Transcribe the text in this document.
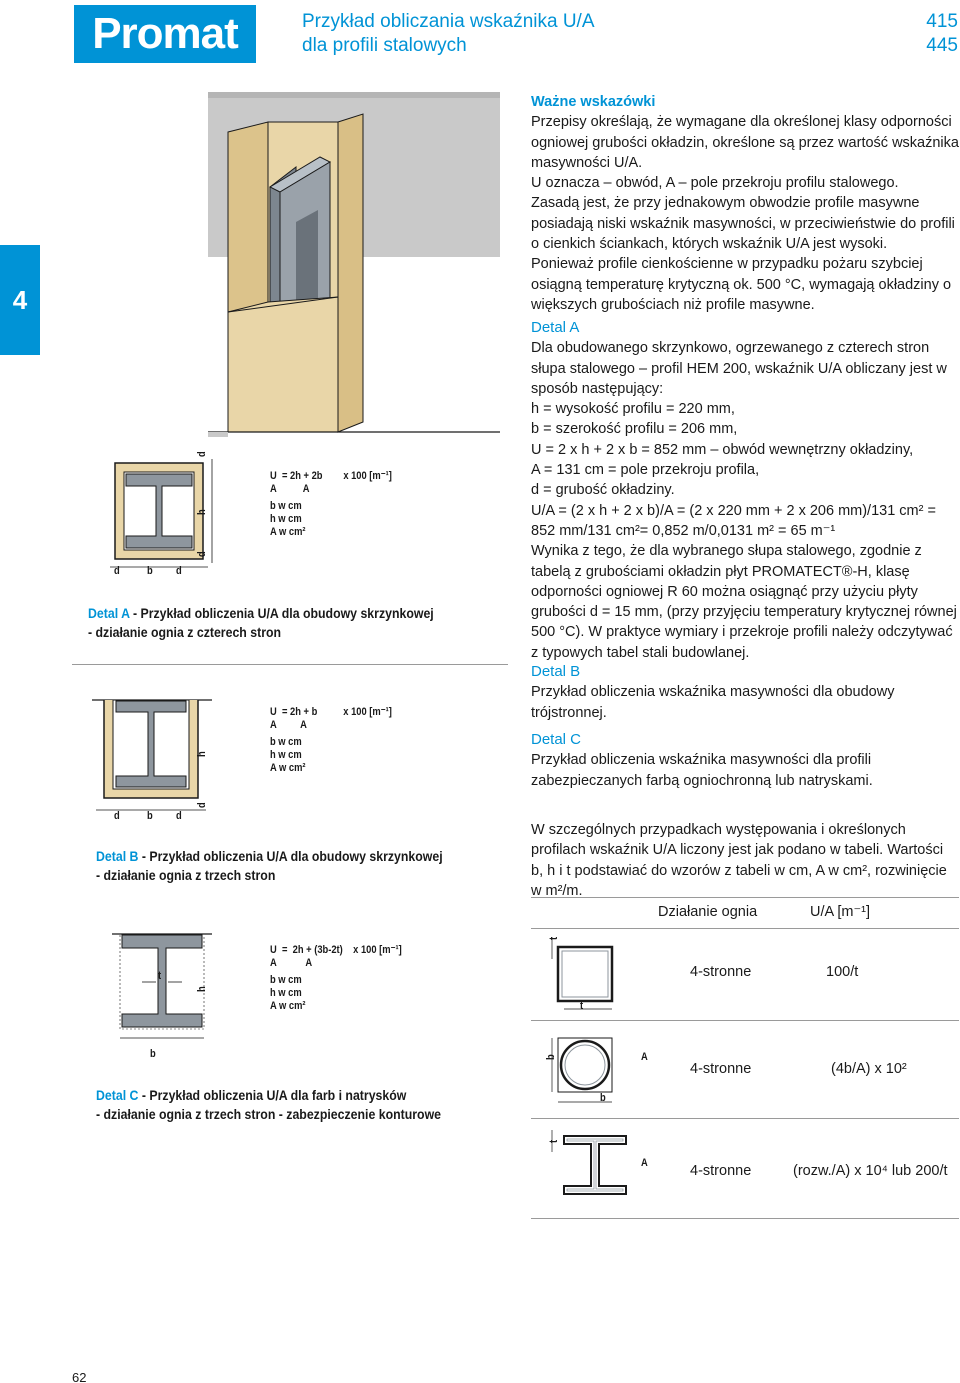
Promat	Przykład obliczania wskaźnika U/A
dla profili stalowych
415
445
4
d
h
d
d b d
U = 2h + 2b x 100 [m⁻¹]
A A
b w cm
h w cm
A w cm²
Detal A - Przykład obliczenia U/A dla obudowy skrzynkowej
- działanie ognia z czterech stron
h
d
d b d
U = 2h + b x 100 [m⁻¹]
A A
b w cm
h w cm
A w cm²
Detal B - Przykład obliczenia U/A dla obudowy skrzynkowej
- działanie ognia z trzech stron
t
h
b
U = 2h + (3b-2t) x 100 [m⁻¹]
A	A
b w cm
h w cm
A w cm²
Detal C - Przykład obliczenia U/A dla farb i natrysków
- działanie ognia z trzech stron - zabezpieczenie konturowe

Ważne wskazówki

Przepisy określają, że wymagane dla określonej klasy odporności ogniowej grubości okładzin, określone są przez wartość wskaźnika masywności U/A.

U oznacza – obwód, A – pole przekroju profilu stalowego.

Zasadą jest, że przy jednakowym obwodzie profile masywne posiadają niski wskaźnik masywności, w przeciwieństwie do profili o cienkich ściankach, których wskaźnik U/A jest wysoki.

Ponieważ profile cienkościenne w przypadku pożaru szybciej osiągną temperaturę krytyczną ok. 500 °C, wymagają okładziny o większych grubościach niż profile masywne.

Detal A

Dla obudowanego skrzynkowo, ogrzewanego z czterech stron słupa stalowego – profil HEM 200, wskaźnik U/A obliczany jest w sposób następujący:

h = wysokość profilu = 220 mm,

b = szerokość profilu = 206 mm,

U = 2 x h + 2 x b = 852 mm – obwód wewnętrzny okładziny,

A = 131 cm = pole przekroju profila,

d = grubość okładziny.

U/A = (2 x h + 2 x b)/A = (2 x 220 mm + 2 x 206 mm)/131 cm² =

852 mm/131 cm²= 0,852 m/0,0131 m² = 65 m⁻¹

Wynika z tego, że dla wybranego słupa stalowego, zgodnie z tabelą z grubościami okładzin płyt PROMATECT®-H, klasę odporności ogniowej R 60 można osiągnąć przy użyciu płyty grubości d = 15 mm, (przy przyjęciu temperatury krytycznej równej 500 °C). W praktyce wymiary i przekroje profili należy odczytywać z typowych tabel stali budowlanej.

Detal B

Przykład obliczenia wskaźnika masywności dla obudowy trójstronnej.

Detal C

Przykład obliczenia wskaźnika masywności dla profili zabezpieczanych farbą ogniochronną lub natryskami.

W szczególnych przypadkach występowania i określonych profilach wskaźnik U/A liczony jest jak podano w tabeli. Wartości b, h i t podstawiać do wzorów z tabeli w cm, A w cm², rozwinięcie w m²/m.

Działanie ognia	U/A [m⁻¹]
t
t
4-stronne	100/t
b
b
A
4-stronne	(4b/A) x 10²
t
A	4-stronne	(rozw./A) x 10⁴ lub 200/t
62
